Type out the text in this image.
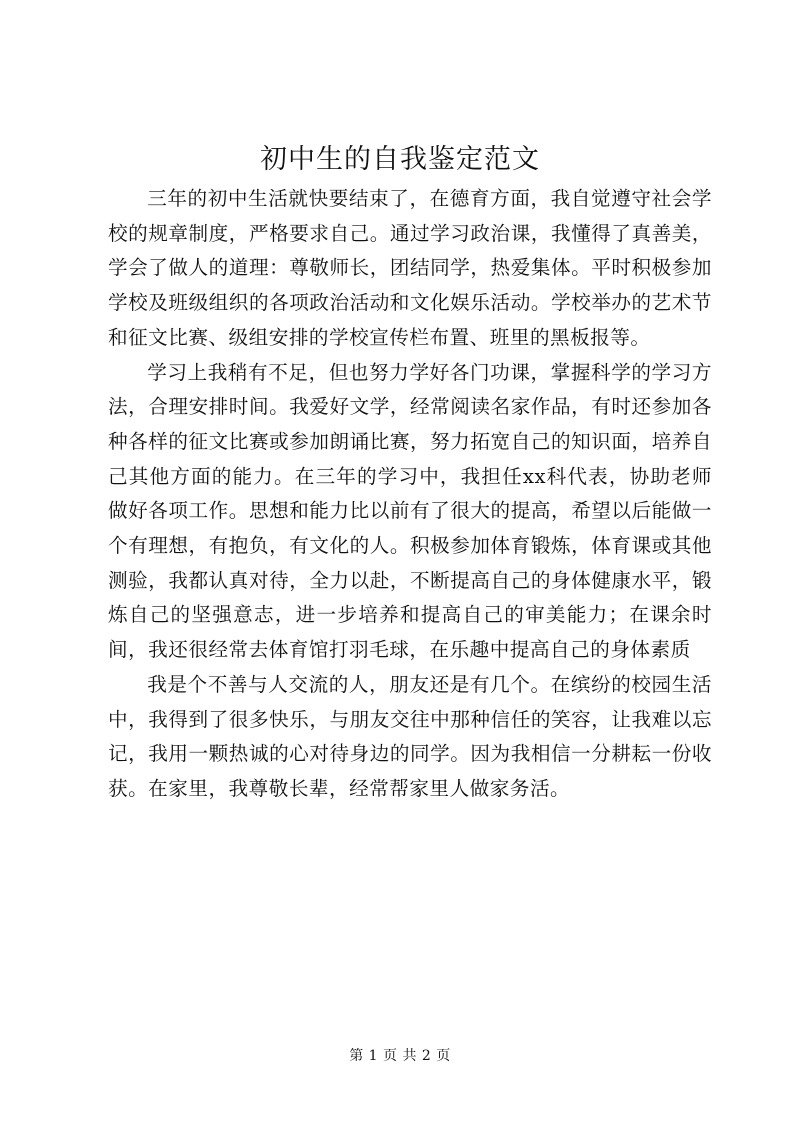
初中生的自我鉴定范文

三年的初中生活就快要结束了，在德育方面，我自觉遵守社会学校的规章制度，严格要求自己。通过学习政治课，我懂得了真善美，学会了做人的道理：尊敬师长，团结同学，热爱集体。平时积极参加学校及班级组织的各项政治活动和文化娱乐活动。学校举办的艺术节和征文比赛、级组安排的学校宣传栏布置、班里的黑板报等。

学习上我稍有不足，但也努力学好各门功课，掌握科学的学习方法，合理安排时间。我爱好文学，经常阅读名家作品，有时还参加各种各样的征文比赛或参加朗诵比赛，努力拓宽自己的知识面，培养自己其他方面的能力。在三年的学习中，我担任xx科代表，协助老师做好各项工作。思想和能力比以前有了很大的提高，希望以后能做一个有理想，有抱负，有文化的人。积极参加体育锻炼，体育课或其他测验，我都认真对待，全力以赴，不断提高自己的身体健康水平，锻炼自己的坚强意志，进一步培养和提高自己的审美能力；在课余时间，我还很经常去体育馆打羽毛球，在乐趣中提高自己的身体素质

我是个不善与人交流的人，朋友还是有几个。在缤纷的校园生活中，我得到了很多快乐，与朋友交往中那种信任的笑容，让我难以忘记，我用一颗热诚的心对待身边的同学。因为我相信一分耕耘一份收获。在家里，我尊敬长辈，经常帮家里人做家务活。

第 1 页 共 2 页
